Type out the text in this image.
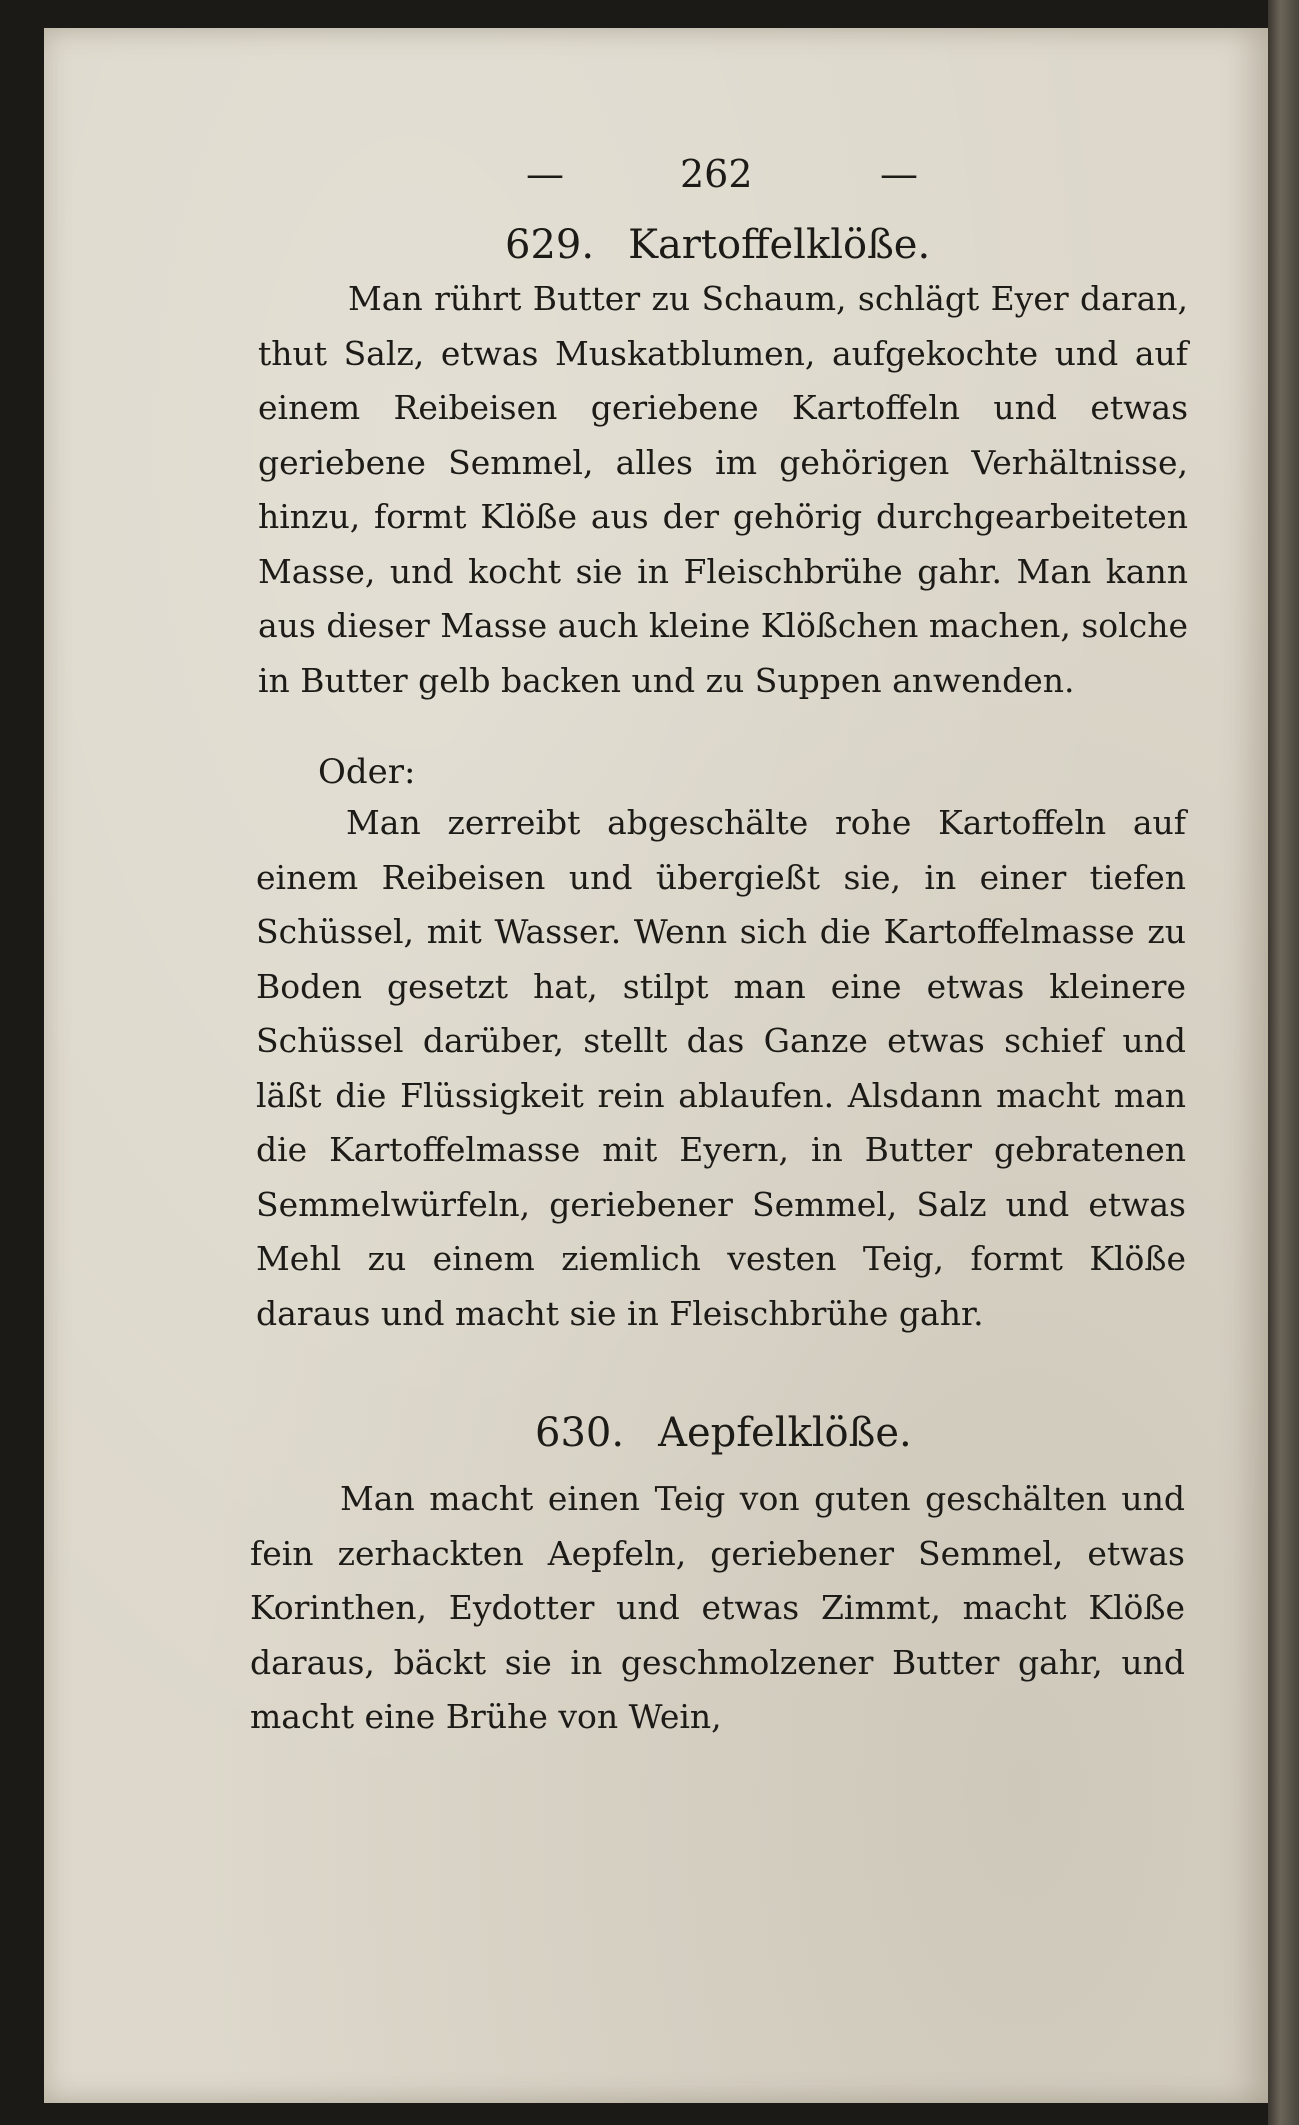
—	262	—
629. Kartoffelklöße.
Man rührt Butter zu Schaum, schlägt Eyer daran, thut Salz, etwas Muskatblumen, aufgekochte und auf einem Reibeisen geriebene Kartoffeln und etwas geriebene Semmel, alles im gehörigen Verhältnisse, hinzu, formt Klöße aus der gehörig durchgearbeiteten Masse, und kocht sie in Fleischbrühe gahr. Man kann aus dieser Masse auch kleine Klößchen machen, solche in Butter gelb backen und zu Suppen anwenden.
Oder:
Man zerreibt abgeschälte rohe Kartoffeln auf einem Reibeisen und übergießt sie, in einer tiefen Schüssel, mit Wasser. Wenn sich die Kartoffelmasse zu Boden gesetzt hat, stilpt man eine etwas kleinere Schüssel darüber, stellt das Ganze etwas schief und läßt die Flüssigkeit rein ablaufen. Alsdann macht man die Kartoffelmasse mit Eyern, in Butter gebratenen Semmelwürfeln, geriebener Semmel, Salz und etwas Mehl zu einem ziemlich vesten Teig, formt Klöße daraus und macht sie in Fleischbrühe gahr.
630. Aepfelklöße.
Man macht einen Teig von guten geschälten und fein zerhackten Aepfeln, geriebener Semmel, etwas Korinthen, Eydotter und etwas Zimmt, macht Klöße daraus, bäckt sie in geschmolzener Butter gahr, und macht eine Brühe von Wein,
